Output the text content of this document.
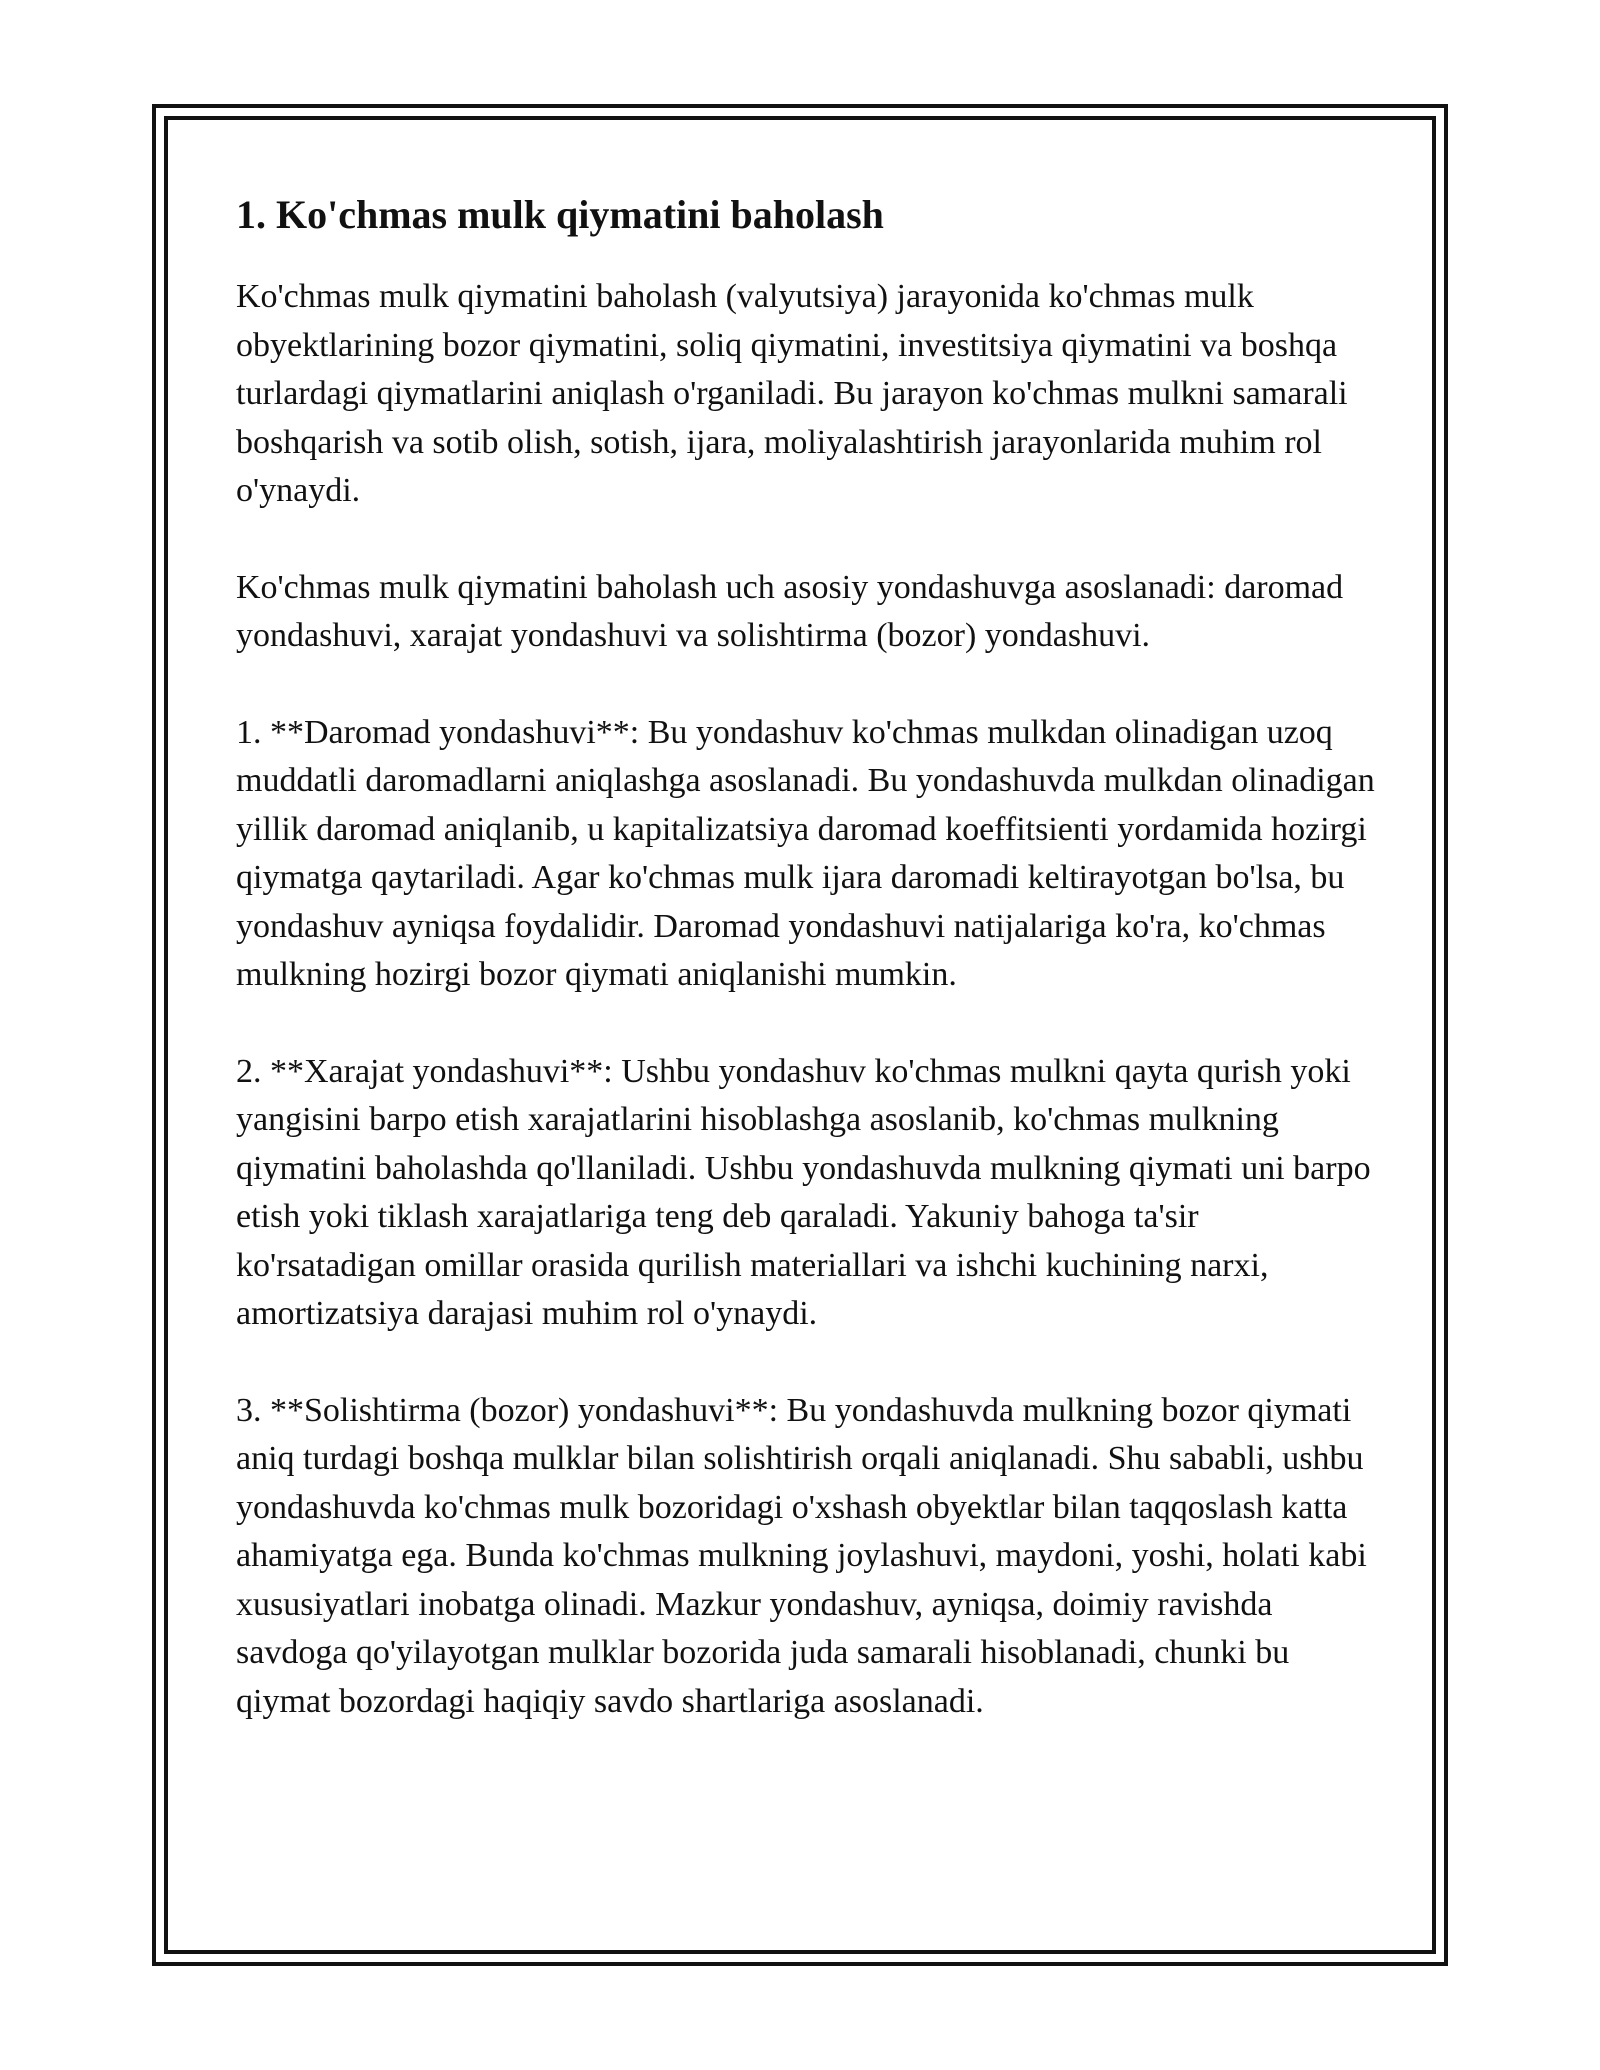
1. Ko'chmas mulk qiymatini baholash

Ko'chmas mulk qiymatini baholash (valyutsiya) jarayonida ko'chmas mulk obyektlarining bozor qiymatini, soliq qiymatini, investitsiya qiymatini va boshqa turlardagi qiymatlarini aniqlash o'rganiladi. Bu jarayon ko'chmas mulkni samarali boshqarish va sotib olish, sotish, ijara, moliyalashtirish jarayonlarida muhim rol o'ynaydi.

Ko'chmas mulk qiymatini baholash uch asosiy yondashuvga asoslanadi: daromad yondashuvi, xarajat yondashuvi va solishtirma (bozor) yondashuvi.

1. **Daromad yondashuvi**: Bu yondashuv ko'chmas mulkdan olinadigan uzoq muddatli daromadlarni aniqlashga asoslanadi. Bu yondashuvda mulkdan olinadigan yillik daromad aniqlanib, u kapitalizatsiya daromad koeffitsienti yordamida hozirgi qiymatga qaytariladi. Agar ko'chmas mulk ijara daromadi keltirayotgan bo'lsa, bu yondashuv ayniqsa foydalidir. Daromad yondashuvi natijalariga ko'ra, ko'chmas mulkning hozirgi bozor qiymati aniqlanishi mumkin.

2. **Xarajat yondashuvi**: Ushbu yondashuv ko'chmas mulkni qayta qurish yoki yangisini barpo etish xarajatlarini hisoblashga asoslanib, ko'chmas mulkning qiymatini baholashda qo'llaniladi. Ushbu yondashuvda mulkning qiymati uni barpo etish yoki tiklash xarajatlariga teng deb qaraladi. Yakuniy bahoga ta'sir ko'rsatadigan omillar orasida qurilish materiallari va ishchi kuchining narxi, amortizatsiya darajasi muhim rol o'ynaydi.

3. **Solishtirma (bozor) yondashuvi**: Bu yondashuvda mulkning bozor qiymati aniq turdagi boshqa mulklar bilan solishtirish orqali aniqlanadi. Shu sababli, ushbu yondashuvda ko'chmas mulk bozoridagi o'xshash obyektlar bilan taqqoslash katta ahamiyatga ega. Bunda ko'chmas mulkning joylashuvi, maydoni, yoshi, holati kabi xususiyatlari inobatga olinadi. Mazkur yondashuv, ayniqsa, doimiy ravishda savdoga qo'yilayotgan mulklar bozorida juda samarali hisoblanadi, chunki bu qiymat bozordagi haqiqiy savdo shartlariga asoslanadi.
